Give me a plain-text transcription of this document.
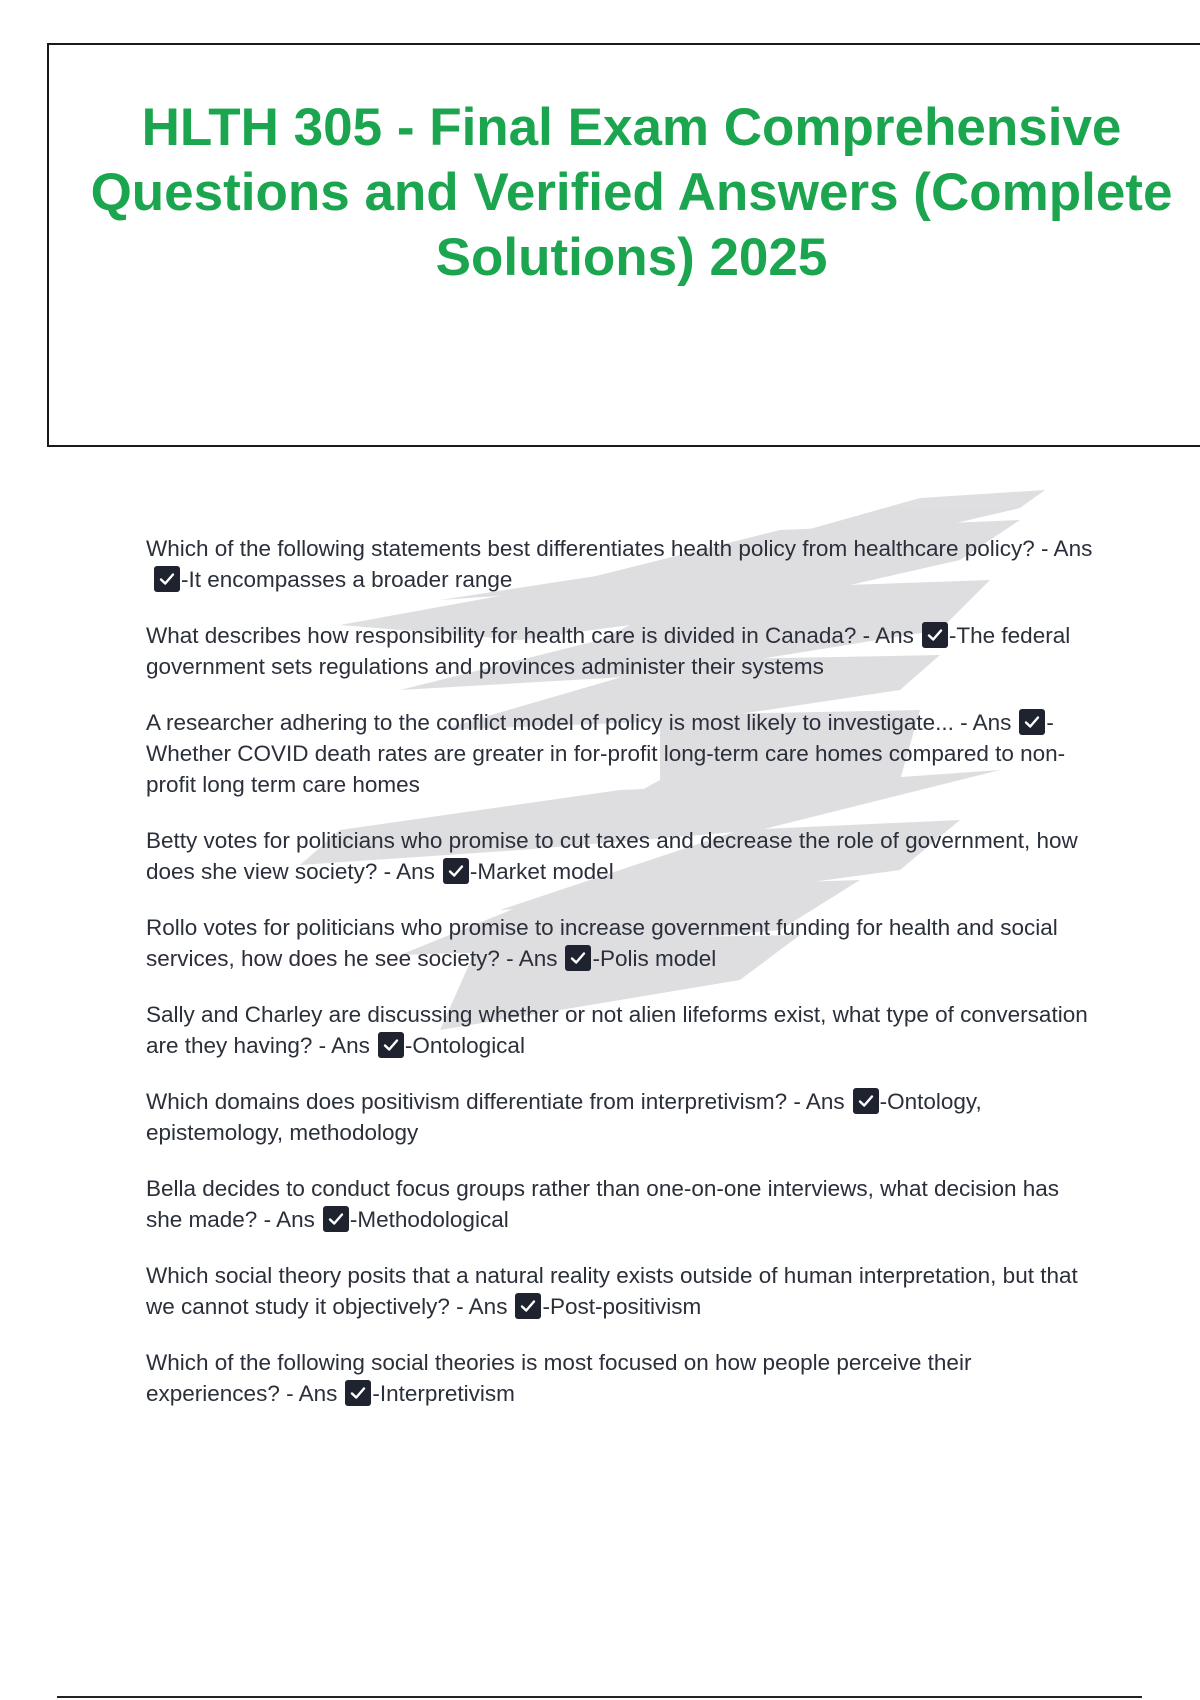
HLTH 305 - Final Exam Comprehensive Questions and Verified Answers (Complete Solutions) 2025
Which of the following statements best differentiates health policy from healthcare policy? - Ans
-It encompasses a broader range
What describes how responsibility for health care is divided in Canada? - Ans -The federal government sets regulations and provinces administer their systems
A researcher adhering to the conflict model of policy is most likely to investigate... - Ans -Whether COVID death rates are greater in for-profit long-term care homes compared to non-profit long term care homes
Betty votes for politicians who promise to cut taxes and decrease the role of government, how does she view society? - Ans -Market model
Rollo votes for politicians who promise to increase government funding for health and social services, how does he see society? - Ans -Polis model
Sally and Charley are discussing whether or not alien lifeforms exist, what type of conversation are they having? - Ans -Ontological
Which domains does positivism differentiate from interpretivism? - Ans -Ontology, epistemology, methodology
Bella decides to conduct focus groups rather than one-on-one interviews, what decision has she made? - Ans -Methodological
Which social theory posits that a natural reality exists outside of human interpretation, but that we cannot study it objectively? - Ans -Post-positivism
Which of the following social theories is most focused on how people perceive their experiences? - Ans -Interpretivism
